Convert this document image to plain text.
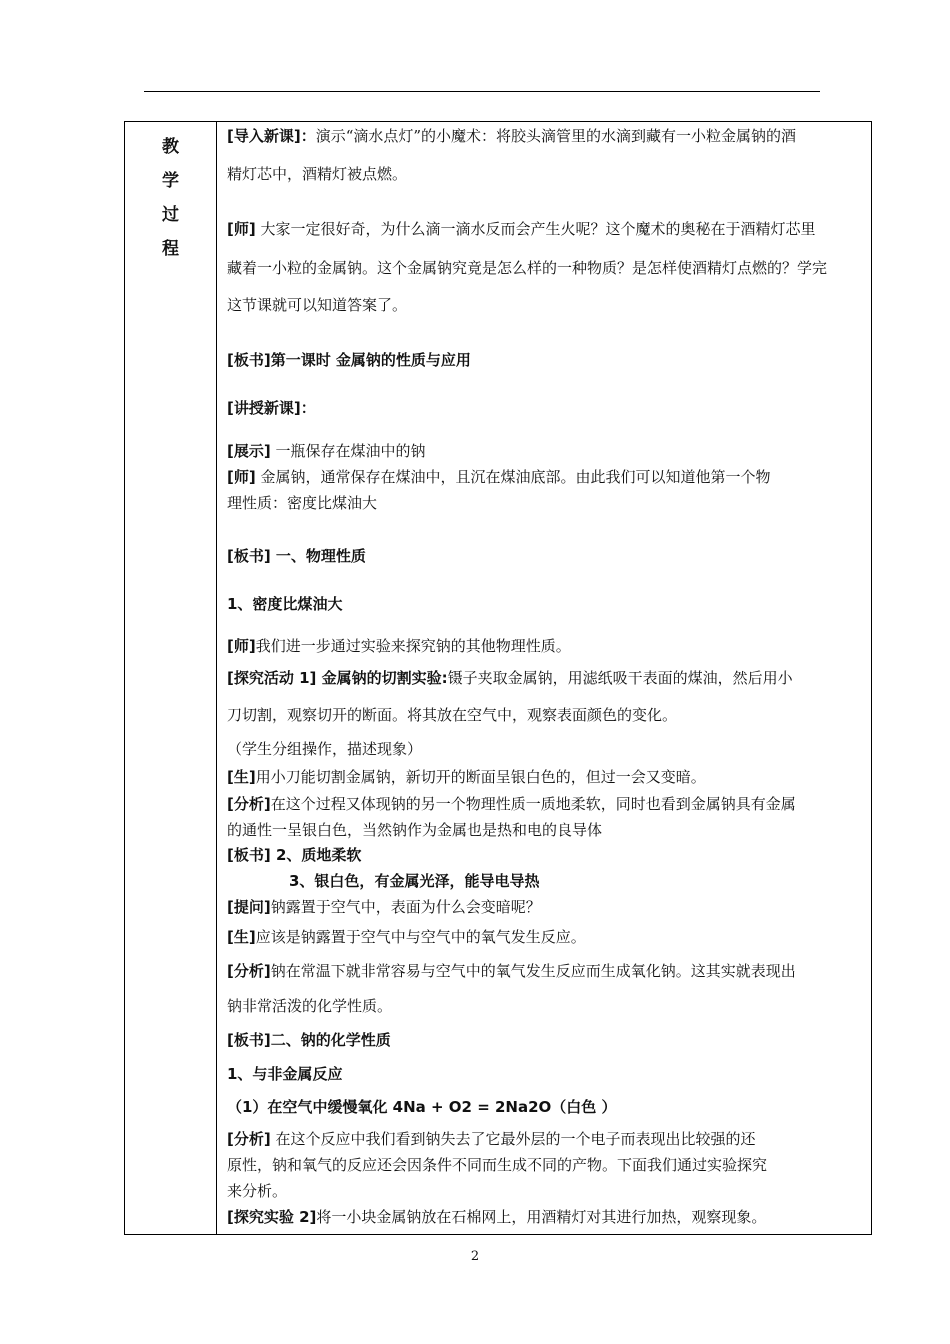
教
学
过
程
[导入新课]：演示“滴水点灯”的小魔术：将胶头滴管里的水滴到藏有一小粒金属钠的酒
精灯芯中，酒精灯被点燃。
[师] 大家一定很好奇，为什么滴一滴水反而会产生火呢？这个魔术的奥秘在于酒精灯芯里
藏着一小粒的金属钠。这个金属钠究竟是怎么样的一种物质？是怎样使酒精灯点燃的？学完
这节课就可以知道答案了。
[板书]第一课时 金属钠的性质与应用
[讲授新课]：
[展示] 一瓶保存在煤油中的钠
[师] 金属钠，通常保存在煤油中，且沉在煤油底部。由此我们可以知道他第一个物
理性质：密度比煤油大
[板书] 一、物理性质
1、密度比煤油大
[师]我们进一步通过实验来探究钠的其他物理性质。
[探究活动 1] 金属钠的切割实验:镊子夹取金属钠，用滤纸吸干表面的煤油，然后用小
刀切割，观察切开的断面。将其放在空气中，观察表面颜色的变化。
（学生分组操作，描述现象）
[生]用小刀能切割金属钠，新切开的断面呈银白色的，但过一会又变暗。
[分析]在这个过程又体现钠的另一个物理性质一质地柔软，同时也看到金属钠具有金属
的通性一呈银白色，当然钠作为金属也是热和电的良导体
[板书] 2、质地柔软
3、银白色，有金属光泽，能导电导热
[提问]钠露置于空气中，表面为什么会变暗呢？
[生]应该是钠露置于空气中与空气中的氧气发生反应。
[分析]钠在常温下就非常容易与空气中的氧气发生反应而生成氧化钠。这其实就表现出
钠非常活泼的化学性质。
[板书]二、钠的化学性质
1、与非金属反应
（1）在空气中缓慢氧化 4Na + O2 = 2Na2O（白色 ）
[分析] 在这个反应中我们看到钠失去了它最外层的一个电子而表现出比较强的还
原性，钠和氧气的反应还会因条件不同而生成不同的产物。下面我们通过实验探究
来分析。
[探究实验 2]将一小块金属钠放在石棉网上，用酒精灯对其进行加热，观察现象。
2
